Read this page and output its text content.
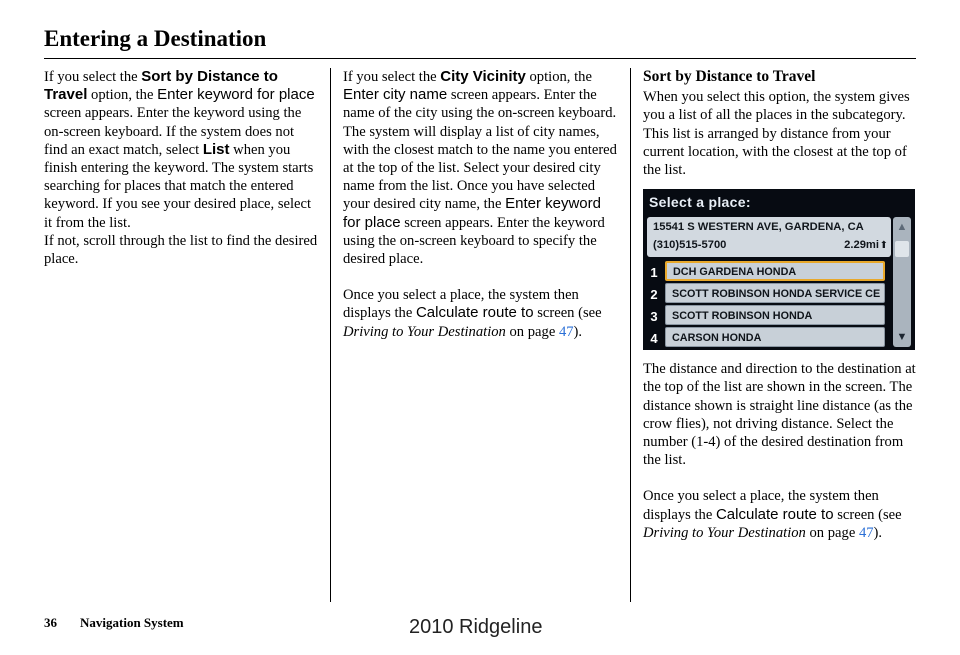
Entering a Destination

If you select the Sort by Distance to Travel option, the Enter keyword for place screen appears. Enter the keyword using the on-screen keyboard. If the system does not find an exact match, select List when you finish entering the keyword. The system starts searching for places that match the entered keyword. If you see your desired place, select it from the list.

If not, scroll through the list to find the desired place.

If you select the City Vicinity option, the Enter city name screen appears. Enter the name of the city using the on-screen keyboard. The system will display a list of city names, with the closest match to the name you entered at the top of the list. Select your desired city name from the list. Once you have selected your desired city name, the Enter keyword for place screen appears. Enter the keyword using the on-screen keyboard to specify the desired place.

Once you select a place, the system then displays the Calculate route to screen (see Driving to Your Destination on page 47).

Sort by Distance to Travel

When you select this option, the system gives you a list of all the places in the subcategory. This list is arranged by distance from your current location, with the closest at the top of the list.

Select a place:
15541 S WESTERN AVE, GARDENA, CA
(310)515-5700	2.29mi ⬆
1	DCH GARDENA HONDA
2	SCOTT ROBINSON HONDA SERVICE CE
3	SCOTT ROBINSON HONDA
4	CARSON HONDA
▲
▼

The distance and direction to the destination at the top of the list are shown in the screen. The distance shown is straight line distance (as the crow flies), not driving distance. Select the number (1-4) of the desired destination from the list.

Once you select a place, the system then displays the Calculate route to screen (see Driving to Your Destination on page 47).

36 Navigation System	2010 Ridgeline
